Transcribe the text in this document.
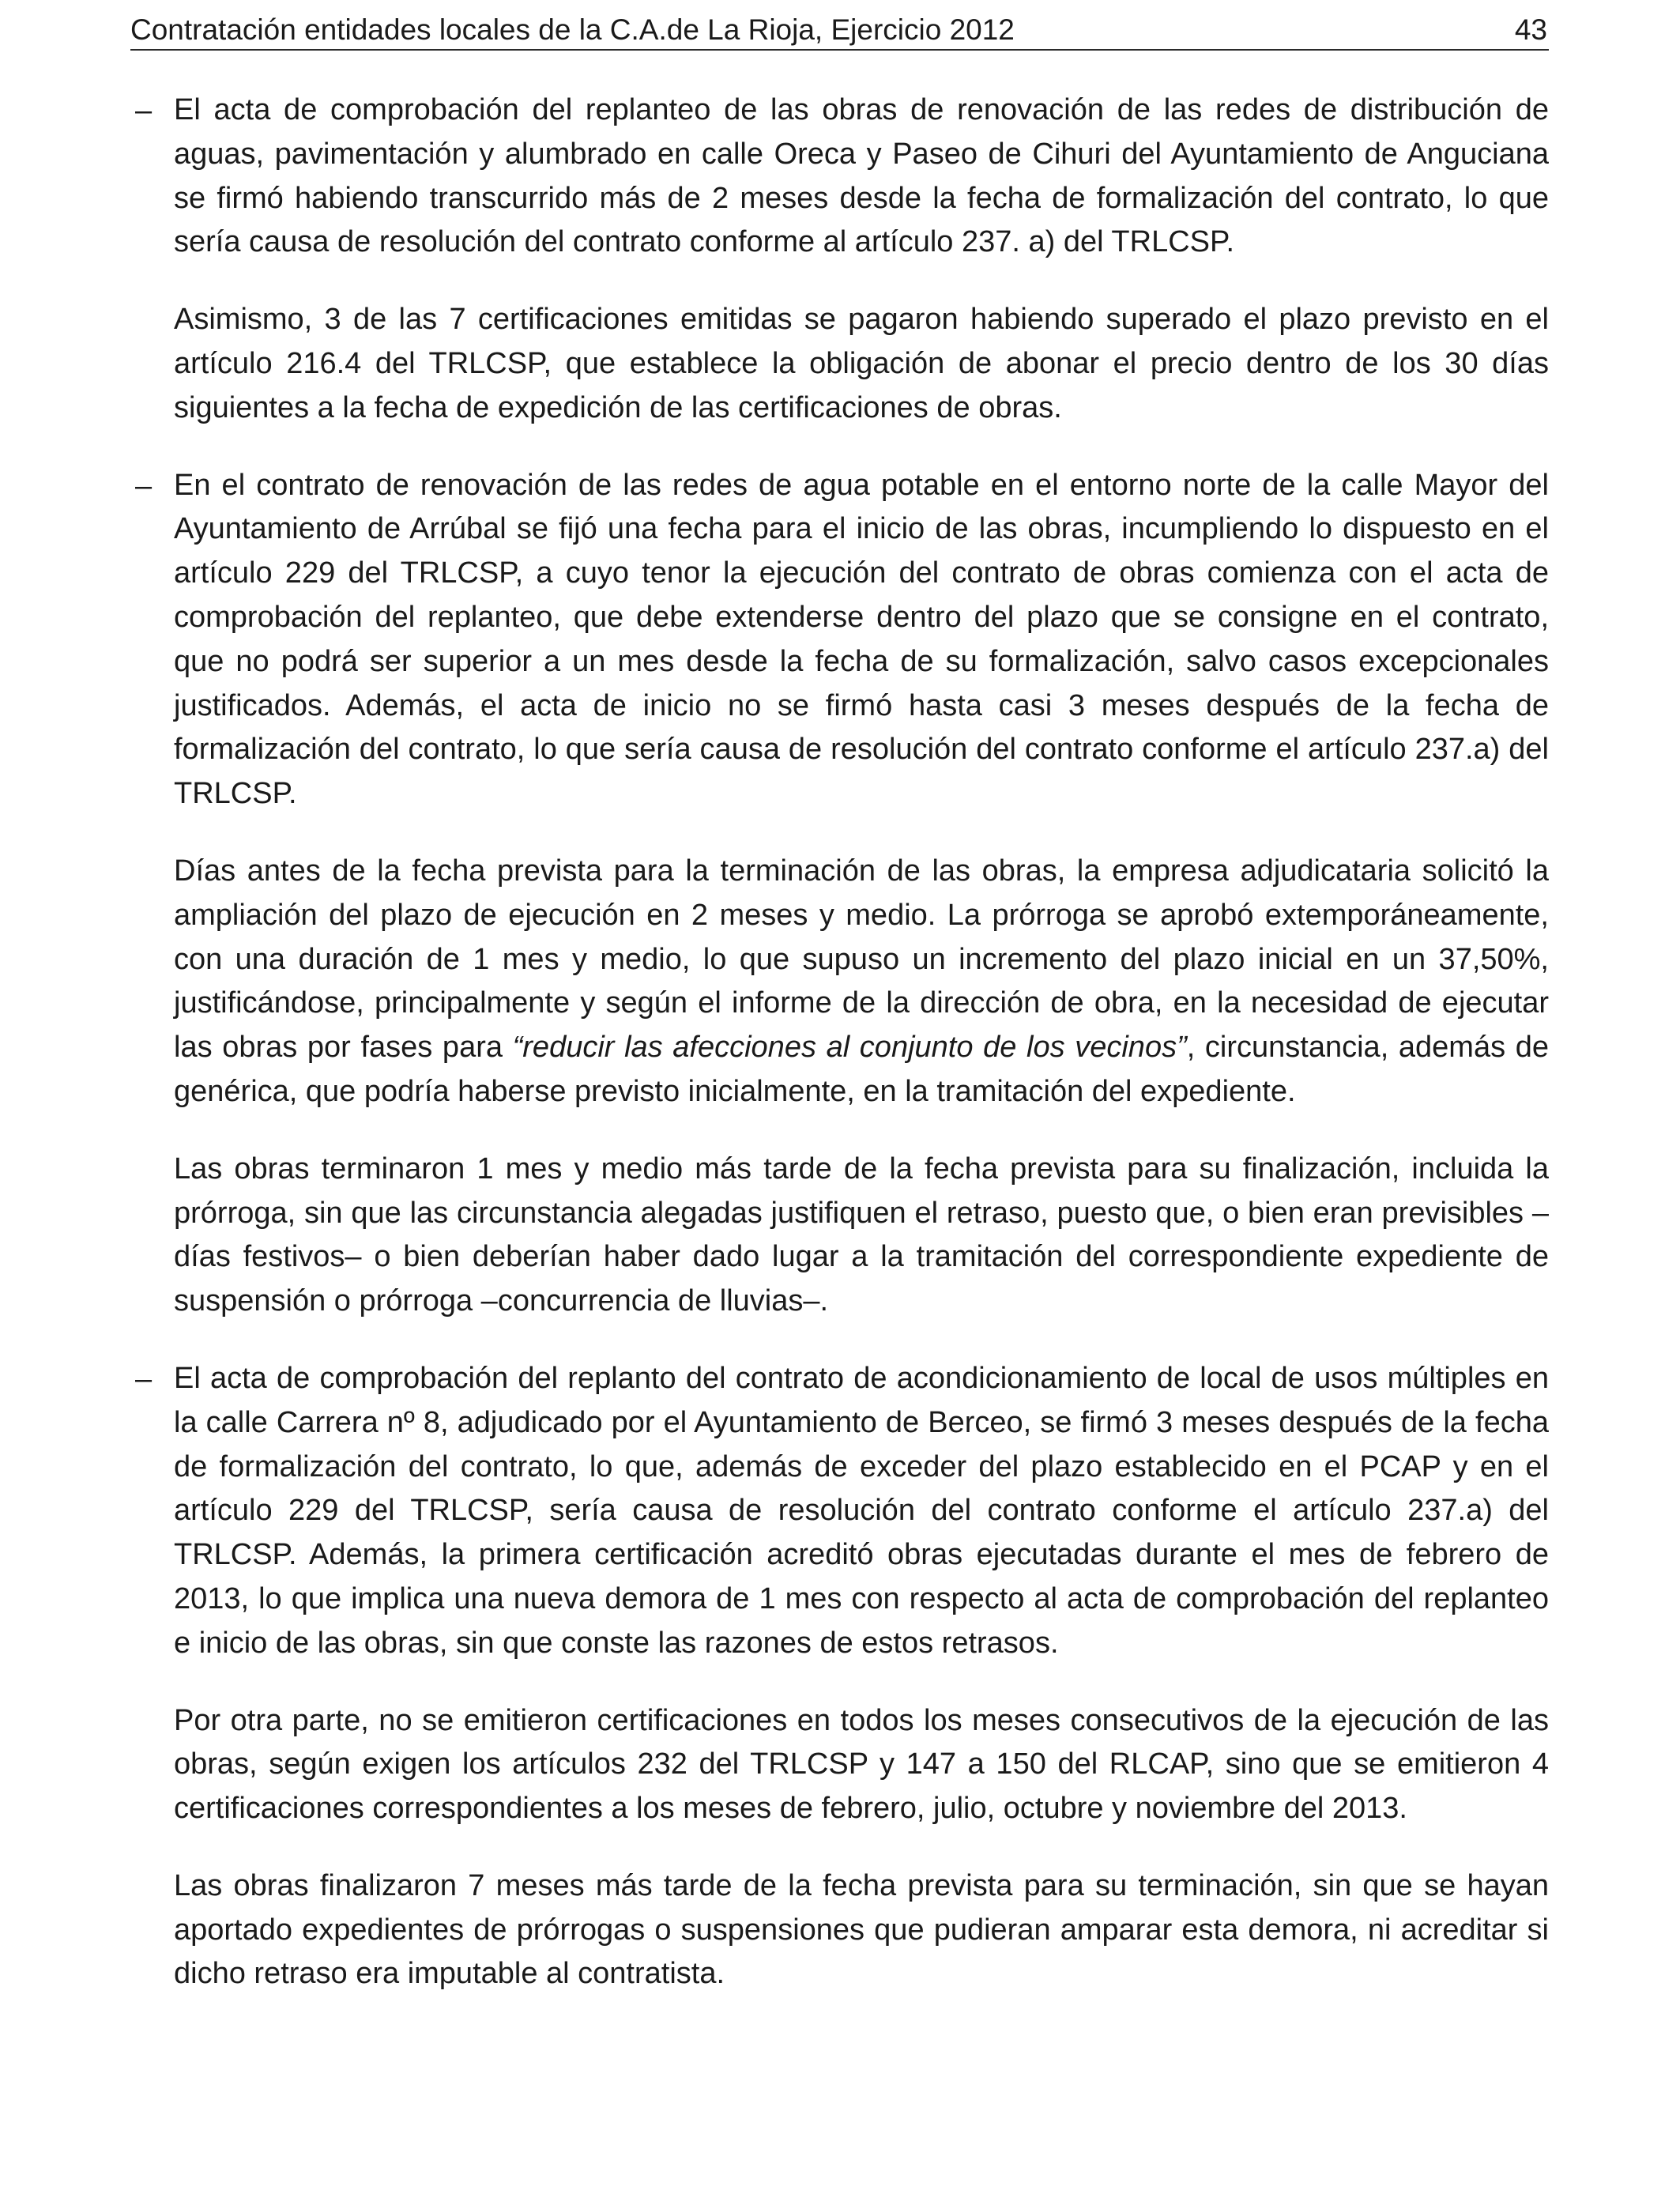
Contratación entidades locales de la C.A.de La Rioja, Ejercicio 2012	43
– El acta de comprobación del replanteo de las obras de renovación de las redes de distribución de aguas, pavimentación y alumbrado en calle Oreca y Paseo de Cihuri del Ayuntamiento de Anguciana se firmó habiendo transcurrido más de 2 meses desde la fecha de formalización del contrato, lo que sería causa de resolución del contrato conforme al artículo 237. a) del TRLCSP.

Asimismo, 3 de las 7 certificaciones emitidas se pagaron habiendo superado el plazo previsto en el artículo 216.4 del TRLCSP, que establece la obligación de abonar el precio dentro de los 30 días siguientes a la fecha de expedición de las certificaciones de obras.

– En el contrato de renovación de las redes de agua potable en el entorno norte de la calle Mayor del Ayuntamiento de Arrúbal se fijó una fecha para el inicio de las obras, incumpliendo lo dispuesto en el artículo 229 del TRLCSP, a cuyo tenor la ejecución del contrato de obras comienza con el acta de comprobación del replanteo, que debe extenderse dentro del plazo que se consigne en el contrato, que no podrá ser superior a un mes desde la fecha de su formalización, salvo casos excepcionales justificados. Además, el acta de inicio no se firmó hasta casi 3 meses después de la fecha de formalización del contrato, lo que sería causa de resolución del contrato conforme el artículo 237.a) del TRLCSP.

Días antes de la fecha prevista para la terminación de las obras, la empresa adjudicataria solicitó la ampliación del plazo de ejecución en 2 meses y medio. La prórroga se aprobó extemporáneamente, con una duración de 1 mes y medio, lo que supuso un incremento del plazo inicial en un 37,50%, justificándose, principalmente y según el informe de la dirección de obra, en la necesidad de ejecutar las obras por fases para “reducir las afecciones al conjunto de los vecinos”, circunstancia, además de genérica, que podría haberse previsto inicialmente, en la tramitación del expediente.

Las obras terminaron 1 mes y medio más tarde de la fecha prevista para su finalización, incluida la prórroga, sin que las circunstancia alegadas justifiquen el retraso, puesto que, o bien eran previsibles –días festivos– o bien deberían haber dado lugar a la tramitación del correspondiente expediente de suspensión o prórroga –concurrencia de lluvias–.

– El acta de comprobación del replanto del contrato de acondicionamiento de local de usos múltiples en la calle Carrera nº 8, adjudicado por el Ayuntamiento de Berceo, se firmó 3 meses después de la fecha de formalización del contrato, lo que, además de exceder del plazo establecido en el PCAP y en el artículo 229 del TRLCSP, sería causa de resolución del contrato conforme el artículo 237.a) del TRLCSP. Además, la primera certificación acreditó obras ejecutadas durante el mes de febrero de 2013, lo que implica una nueva demora de 1 mes con respecto al acta de comprobación del replanteo e inicio de las obras, sin que conste las razones de estos retrasos.

Por otra parte, no se emitieron certificaciones en todos los meses consecutivos de la ejecución de las obras, según exigen los artículos 232 del TRLCSP y 147 a 150 del RLCAP, sino que se emitieron 4 certificaciones correspondientes a los meses de febrero, julio, octubre y noviembre del 2013.

Las obras finalizaron 7 meses más tarde de la fecha prevista para su terminación, sin que se hayan aportado expedientes de prórrogas o suspensiones que pudieran amparar esta demora, ni acreditar si dicho retraso era imputable al contratista.
